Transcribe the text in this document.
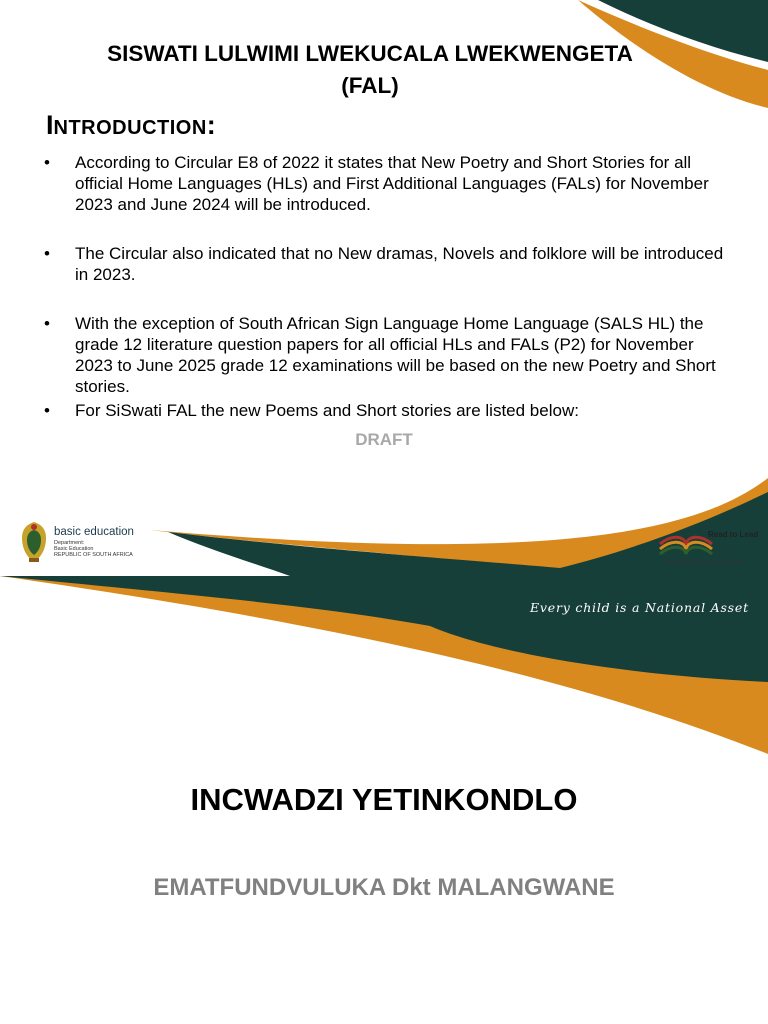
SISWATI LULWIMI LWEKUCALA LWEKWENGETA
(FAL)
INTRODUCTION:
• According to Circular E8 of 2022 it states that New Poetry and Short Stories for all official Home Languages (HLs) and First Additional Languages (FALs) for November 2023 and June 2024 will be introduced.
• The Circular also indicated that no New dramas, Novels and folklore will be introduced in 2023.
• With the exception of South African Sign Language Home Language (SALS HL) the grade 12 literature question papers for all official HLs and FALs (P2) for November 2023 to June 2025 grade 12 examinations will be based on the new Poetry and Short stories.
• For SiSwati FAL the new Poems and Short stories are listed below:
DRAFT
basic education
Department:
Basic Education
REPUBLIC OF SOUTH AFRICA
Read to Lead
A Reading Nation is a Leading Nation
Every child is a National Asset
INCWADZI YETINKONDLO
EMATFUNDVULUKA Dkt MALANGWANE
